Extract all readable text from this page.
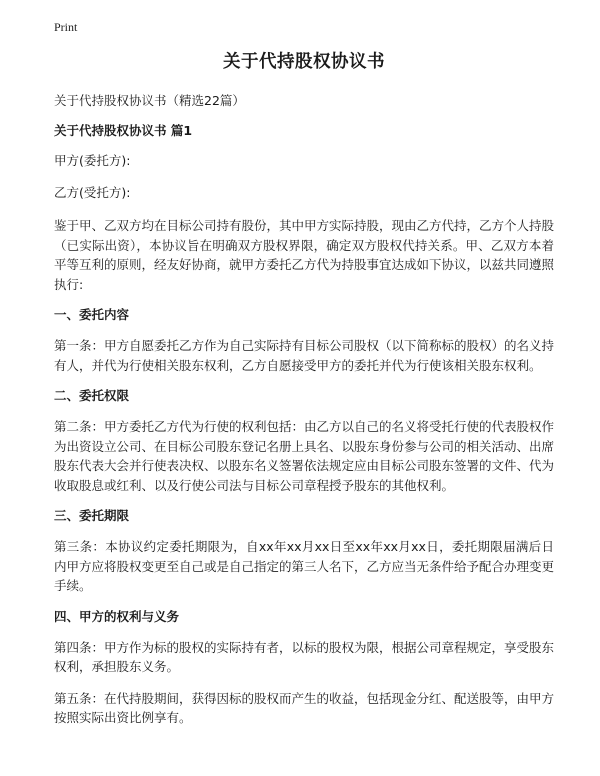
Print
关于代持股权协议书

关于代持股权协议书（精选22篇）

关于代持股权协议书 篇1

甲方(委托方):

乙方(受托方):

鉴于甲、乙双方均在目标公司持有股份，其中甲方实际持股，现由乙方代持，乙方个人持股（已实际出资），本协议旨在明确双方股权界限，确定双方股权代持关系。甲、乙双方本着平等互利的原则，经友好协商，就甲方委托乙方代为持股事宜达成如下协议，以兹共同遵照执行:

一、委托内容

第一条：甲方自愿委托乙方作为自己实际持有目标公司股权（以下简称标的股权）的名义持有人，并代为行使相关股东权利，乙方自愿接受甲方的委托并代为行使该相关股东权利。

二、委托权限

第二条：甲方委托乙方代为行使的权利包括：由乙方以自己的名义将受托行使的代表股权作为出资设立公司、在目标公司股东登记名册上具名、以股东身份参与公司的相关活动、出席股东代表大会并行使表决权、以股东名义签署依法规定应由目标公司股东签署的文件、代为收取股息或红利、以及行使公司法与目标公司章程授予股东的其他权利。

三、委托期限

第三条：本协议约定委托期限为，自xx年xx月xx日至xx年xx月xx日，委托期限届满后日内甲方应将股权变更至自己或是自己指定的第三人名下，乙方应当无条件给予配合办理变更手续。

四、甲方的权利与义务

第四条：甲方作为标的股权的实际持有者，以标的股权为限，根据公司章程规定，享受股东权利，承担股东义务。

第五条：在代持股期间，获得因标的股权而产生的收益，包括现金分红、配送股等，由甲方按照实际出资比例享有。
